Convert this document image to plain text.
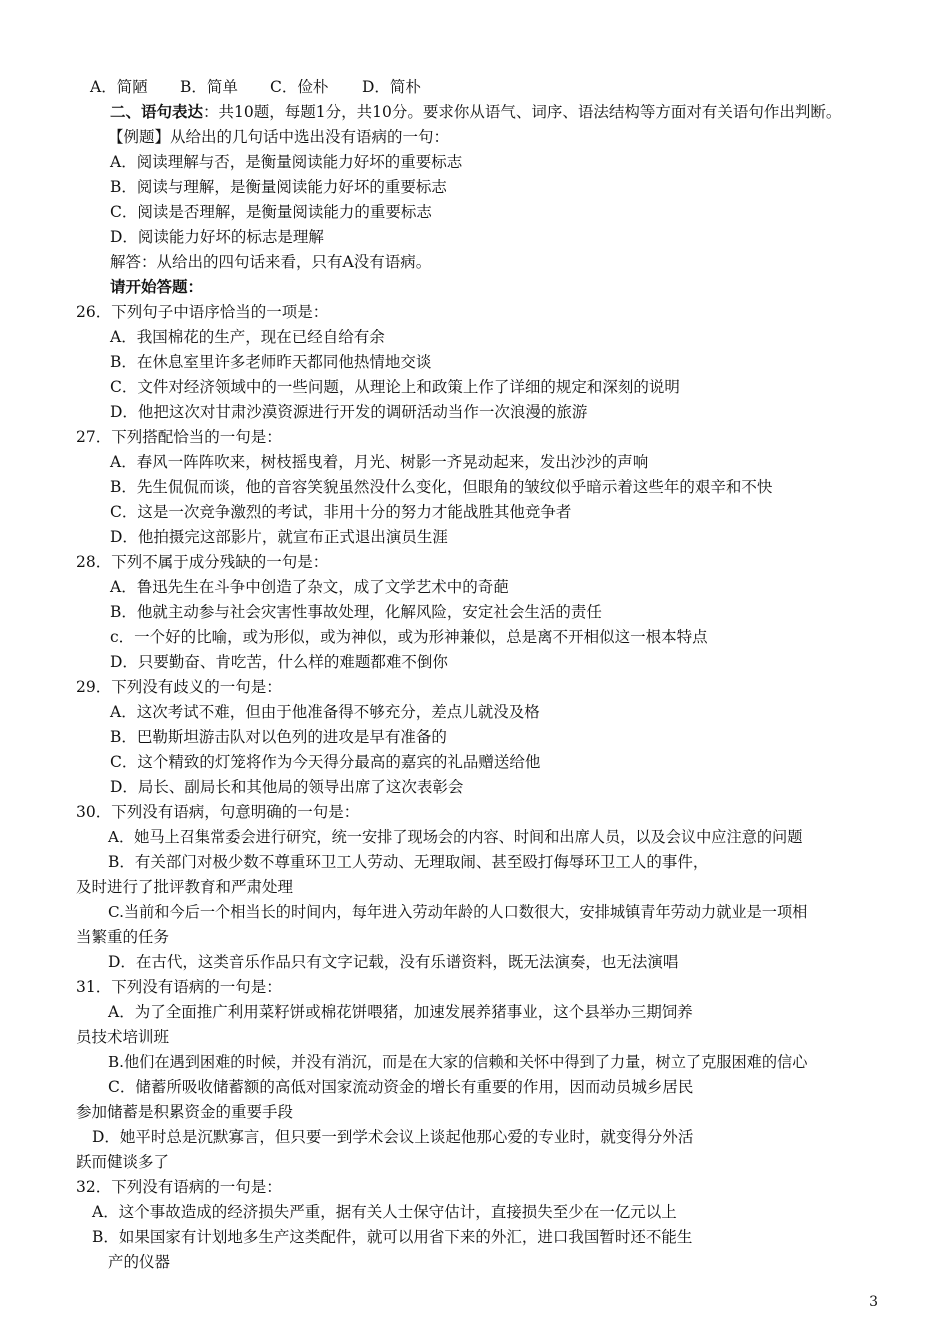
A．简陋 B．简单 C．俭朴 D．简朴
二、语句表达：共10题，每题1分，共10分。要求你从语气、词序、语法结构等方面对有关语句作出判断。
【例题】从给出的几句话中选出没有语病的一句：
A．阅读理解与否，是衡量阅读能力好坏的重要标志
B．阅读与理解，是衡量阅读能力好坏的重要标志
C．阅读是否理解，是衡量阅读能力的重要标志
D．阅读能力好坏的标志是理解
解答：从给出的四句话来看，只有A没有语病。
请开始答题：
26．下列句子中语序恰当的一项是：
A．我国棉花的生产，现在已经自给有余
B．在休息室里许多老师昨天都同他热情地交谈
C．文件对经济领域中的一些问题，从理论上和政策上作了详细的规定和深刻的说明
D．他把这次对甘肃沙漠资源进行开发的调研活动当作一次浪漫的旅游
27．下列搭配恰当的一句是：
A．春风一阵阵吹来，树枝摇曳着，月光、树影一齐晃动起来，发出沙沙的声响
B．先生侃侃而谈，他的音容笑貌虽然没什么变化，但眼角的皱纹似乎暗示着这些年的艰辛和不快
C．这是一次竞争激烈的考试，非用十分的努力才能战胜其他竞争者
D．他拍摄完这部影片，就宣布正式退出演员生涯
28．下列不属于成分残缺的一句是：
A．鲁迅先生在斗争中创造了杂文，成了文学艺术中的奇葩
B．他就主动参与社会灾害性事故处理，化解风险，安定社会生活的责任
c．一个好的比喻，或为形似，或为神似，或为形神兼似，总是离不开相似这一根本特点
D．只要勤奋、肯吃苦，什么样的难题都难不倒你
29．下列没有歧义的一句是：
A．这次考试不难，但由于他准备得不够充分，差点儿就没及格
B．巴勒斯坦游击队对以色列的进攻是早有准备的
C．这个精致的灯笼将作为今天得分最高的嘉宾的礼品赠送给他
D．局长、副局长和其他局的领导出席了这次表彰会
30．下列没有语病，句意明确的一句是：
A．她马上召集常委会进行研究，统一安排了现场会的内容、时间和出席人员，以及会议中应注意的问题
B．有关部门对极少数不尊重环卫工人劳动、无理取闹、甚至殴打侮辱环卫工人的事件，
及时进行了批评教育和严肃处理
C.当前和今后一个相当长的时间内，每年进入劳动年龄的人口数很大，安排城镇青年劳动力就业是一项相
当繁重的任务
D．在古代，这类音乐作品只有文字记载，没有乐谱资料，既无法演奏，也无法演唱
31．下列没有语病的一句是：
A．为了全面推广利用菜籽饼或棉花饼喂猪，加速发展养猪事业，这个县举办三期饲养
员技术培训班
B.他们在遇到困难的时候，并没有消沉，而是在大家的信赖和关怀中得到了力量，树立了克服困难的信心
C．储蓄所吸收储蓄额的高低对国家流动资金的增长有重要的作用，因而动员城乡居民
参加储蓄是积累资金的重要手段
D．她平时总是沉默寡言，但只要一到学术会议上谈起他那心爱的专业时，就变得分外活
跃而健谈多了
32．下列没有语病的一句是：
A．这个事故造成的经济损失严重，据有关人士保守估计，直接损失至少在一亿元以上
B．如果国家有计划地多生产这类配件，就可以用省下来的外汇，进口我国暂时还不能生
产的仪器
3
